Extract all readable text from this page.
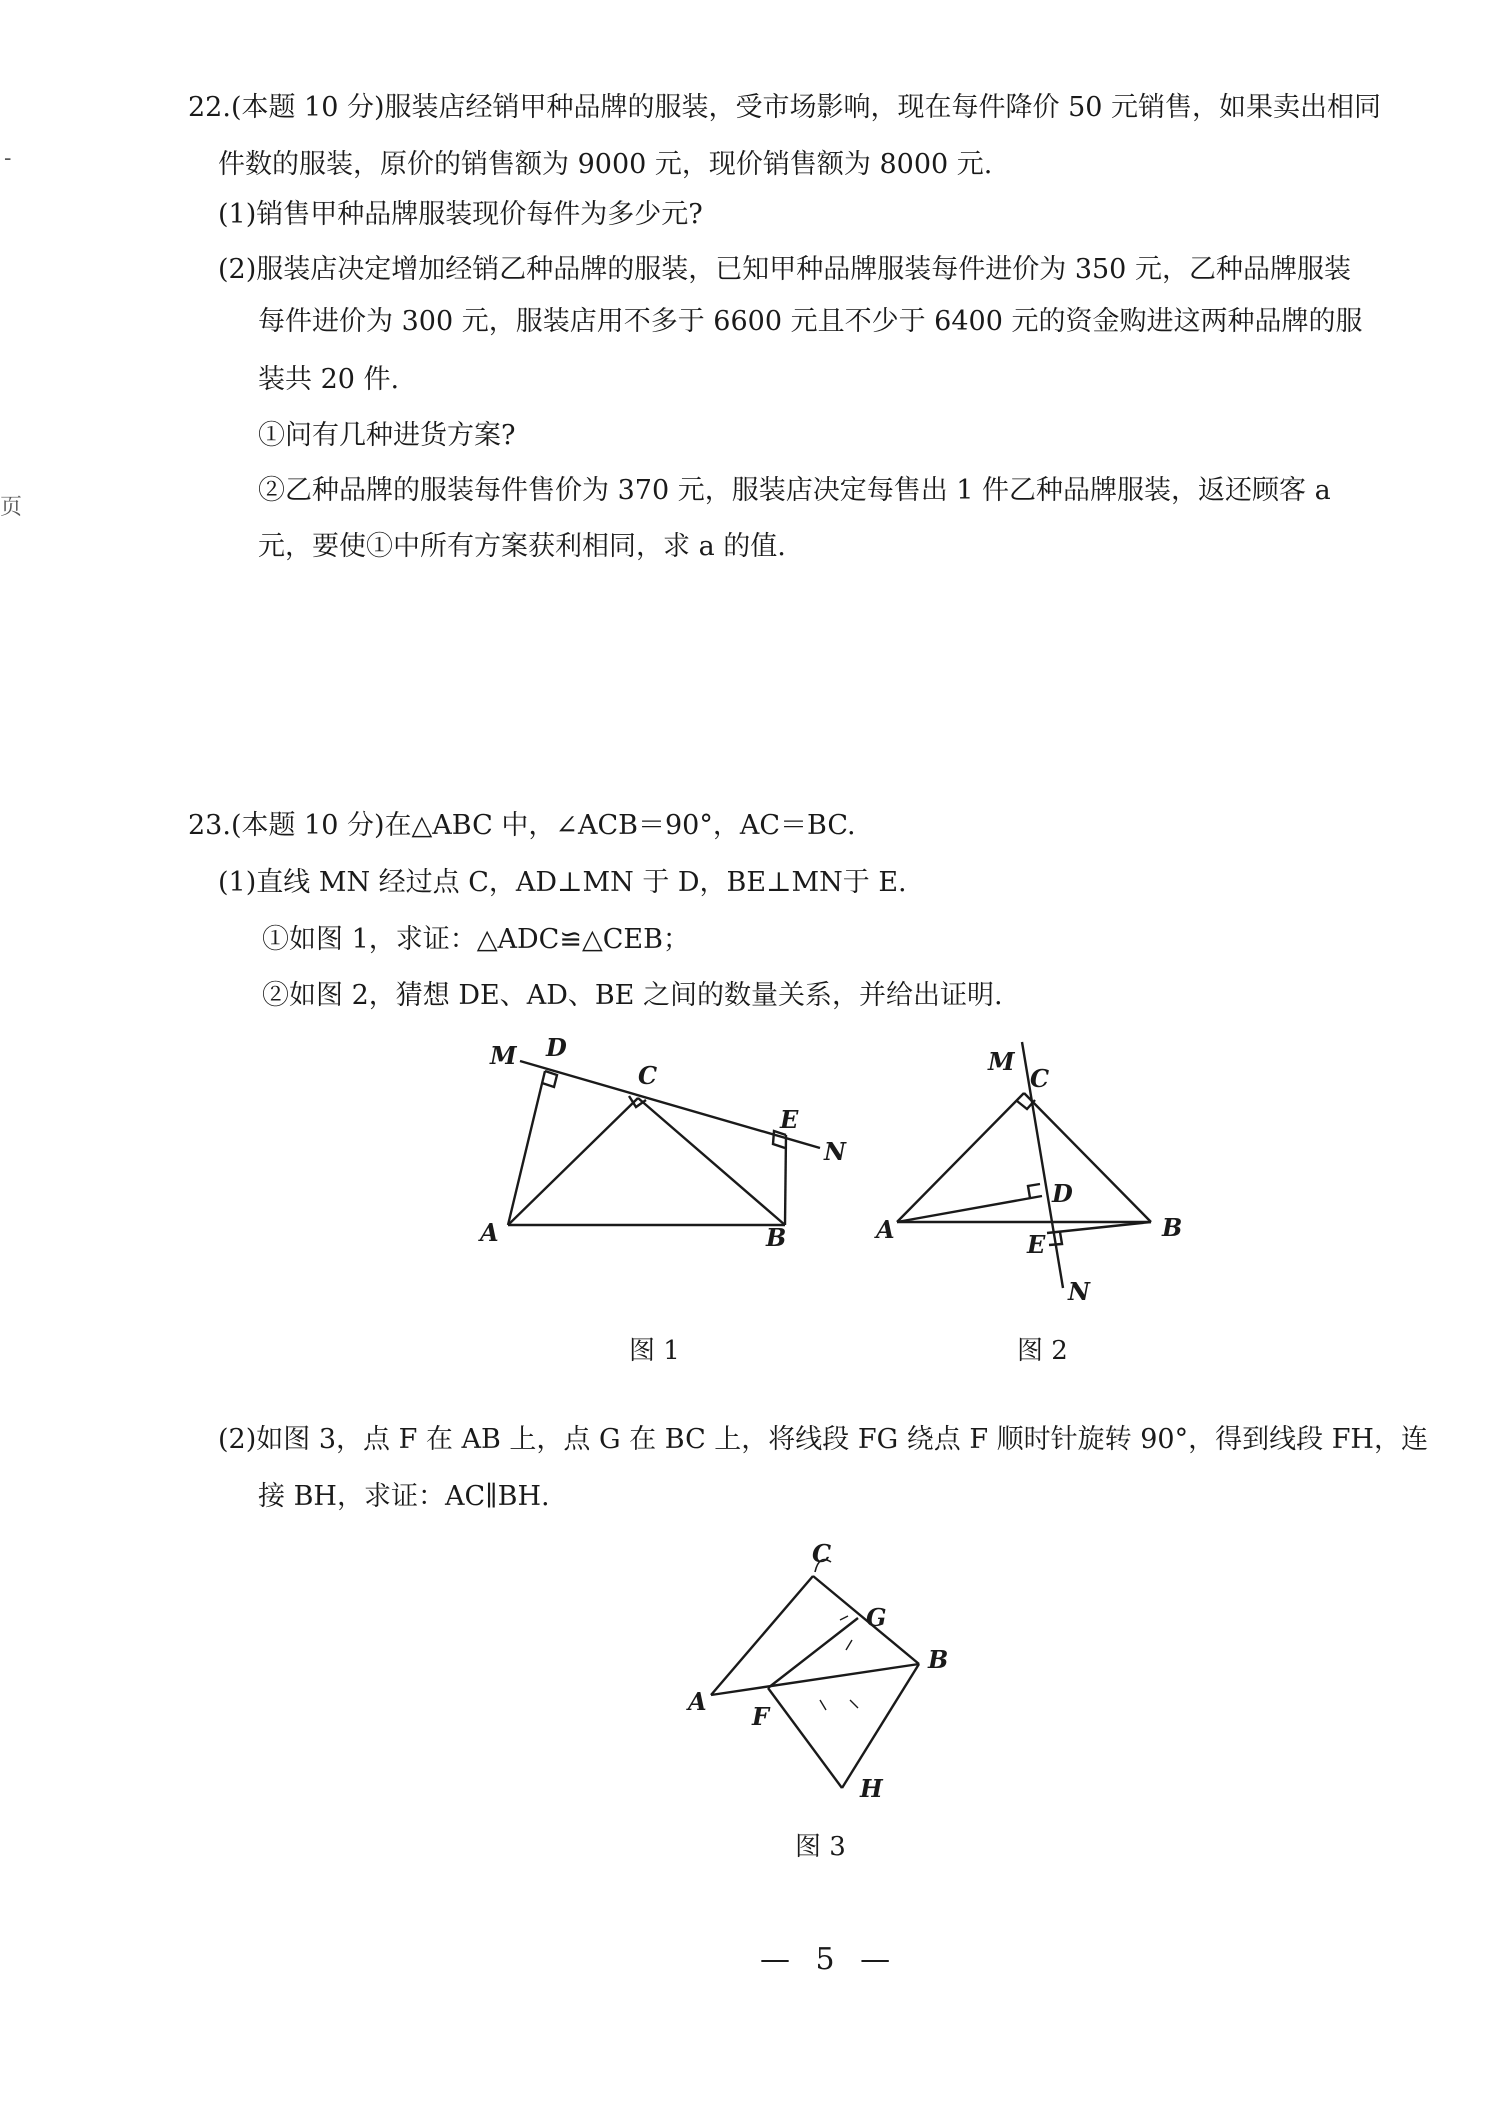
-
页
22.(本题 10 分)服装店经销甲种品牌的服装，受市场影响，现在每件降价 50 元销售，如果卖出相同
件数的服装，原价的销售额为 9000 元，现价销售额为 8000 元.
(1)销售甲种品牌服装现价每件为多少元?
(2)服装店决定增加经销乙种品牌的服装，已知甲种品牌服装每件进价为 350 元，乙种品牌服装
每件进价为 300 元，服装店用不多于 6600 元且不少于 6400 元的资金购进这两种品牌的服
装共 20 件.
①问有几种进货方案?
②乙种品牌的服装每件售价为 370 元，服装店决定每售出 1 件乙种品牌服装，返还顾客 a
元，要使①中所有方案获利相同，求 a 的值.
23.(本题 10 分)在△ABC 中，∠ACB＝90°，AC＝BC.
(1)直线 MN 经过点 C，AD⊥MN 于 D，BE⊥MN于 E.
①如图 1，求证：△ADC≌△CEB；
②如图 2，猜想 DE、AD、BE 之间的数量关系，并给出证明.
(2)如图 3，点 F 在 AB 上，点 G 在 BC 上，将线段 FG 绕点 F 顺时针旋转 90°，得到线段 FH，连
接 BH，求证：AC∥BH.
M D
C
E
N
A	B
图 1
M
C
D
A
E
B
N
图 2
C
G
B
A
F
H
图 3
— 5 —
